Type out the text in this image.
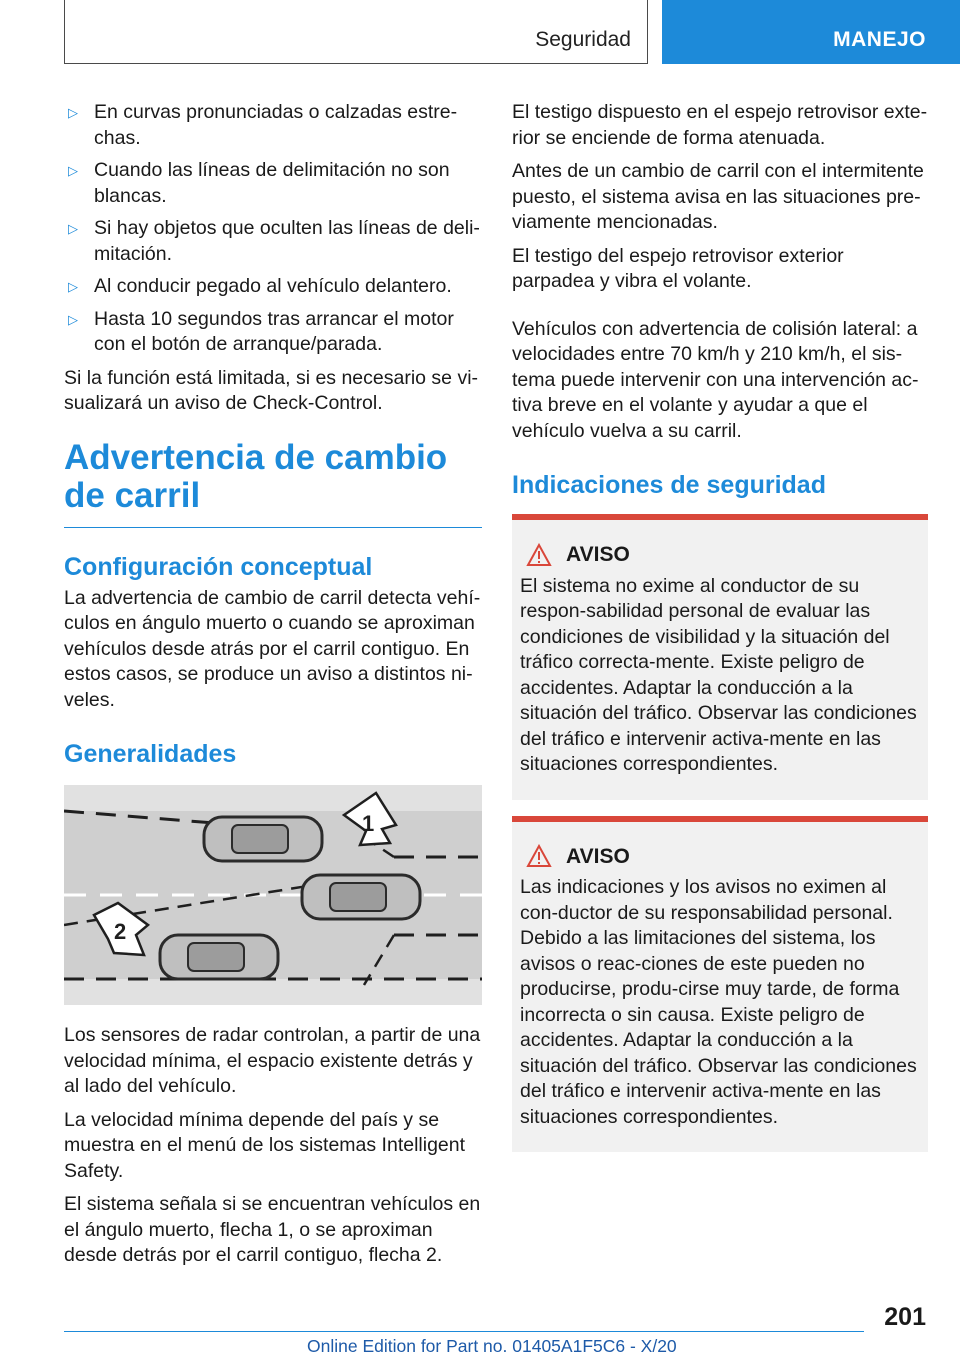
Seguridad	MANEJO
▷ En curvas pronunciadas o calzadas estre‐chas.
▷ Cuando las líneas de delimitación no son blancas.
▷ Si hay objetos que oculten las líneas de deli‐mitación.
▷ Al conducir pegado al vehículo delantero.
▷ Hasta 10 segundos tras arrancar el motor con el botón de arranque/parada.

Si la función está limitada, si es necesario se vi‐sualizará un aviso de Check-Control.

Advertencia de cambio de carril
Configuración conceptual

La advertencia de cambio de carril detecta vehí‐culos en ángulo muerto o cuando se aproximan vehículos desde atrás por el carril contiguo. En estos casos, se produce un aviso a distintos ni‐veles.

Generalidades
1
2

Los sensores de radar controlan, a partir de una velocidad mínima, el espacio existente detrás y al lado del vehículo.

La velocidad mínima depende del país y se muestra en el menú de los sistemas Intelligent Safety.

El sistema señala si se encuentran vehículos en el ángulo muerto, flecha 1, o se aproximan desde detrás por el carril contiguo, flecha 2.

El testigo dispuesto en el espejo retrovisor exte‐rior se enciende de forma atenuada.

Antes de un cambio de carril con el intermitente puesto, el sistema avisa en las situaciones pre‐viamente mencionadas.

El testigo del espejo retrovisor exterior parpadea y vibra el volante.

Vehículos con advertencia de colisión lateral: a velocidades entre 70 km/h y 210 km/h, el sis‐tema puede intervenir con una intervención ac‐tiva breve en el volante y ayudar a que el vehículo vuelva a su carril.

Indicaciones de seguridad
AVISO

El sistema no exime al conductor de su respon‐sabilidad personal de evaluar las condiciones de visibilidad y la situación del tráfico correcta‐mente. Existe peligro de accidentes. Adaptar la conducción a la situación del tráfico. Observar las condiciones del tráfico e intervenir activa‐mente en las situaciones correspondientes.

AVISO

Las indicaciones y los avisos no eximen al con‐ductor de su responsabilidad personal. Debido a las limitaciones del sistema, los avisos o reac‐ciones de este pueden no producirse, produ‐cirse muy tarde, de forma incorrecta o sin causa. Existe peligro de accidentes. Adaptar la conducción a la situación del tráfico. Observar las condiciones del tráfico e intervenir activa‐mente en las situaciones correspondientes.

201
Online Edition for Part no. 01405A1F5C6 - X/20
